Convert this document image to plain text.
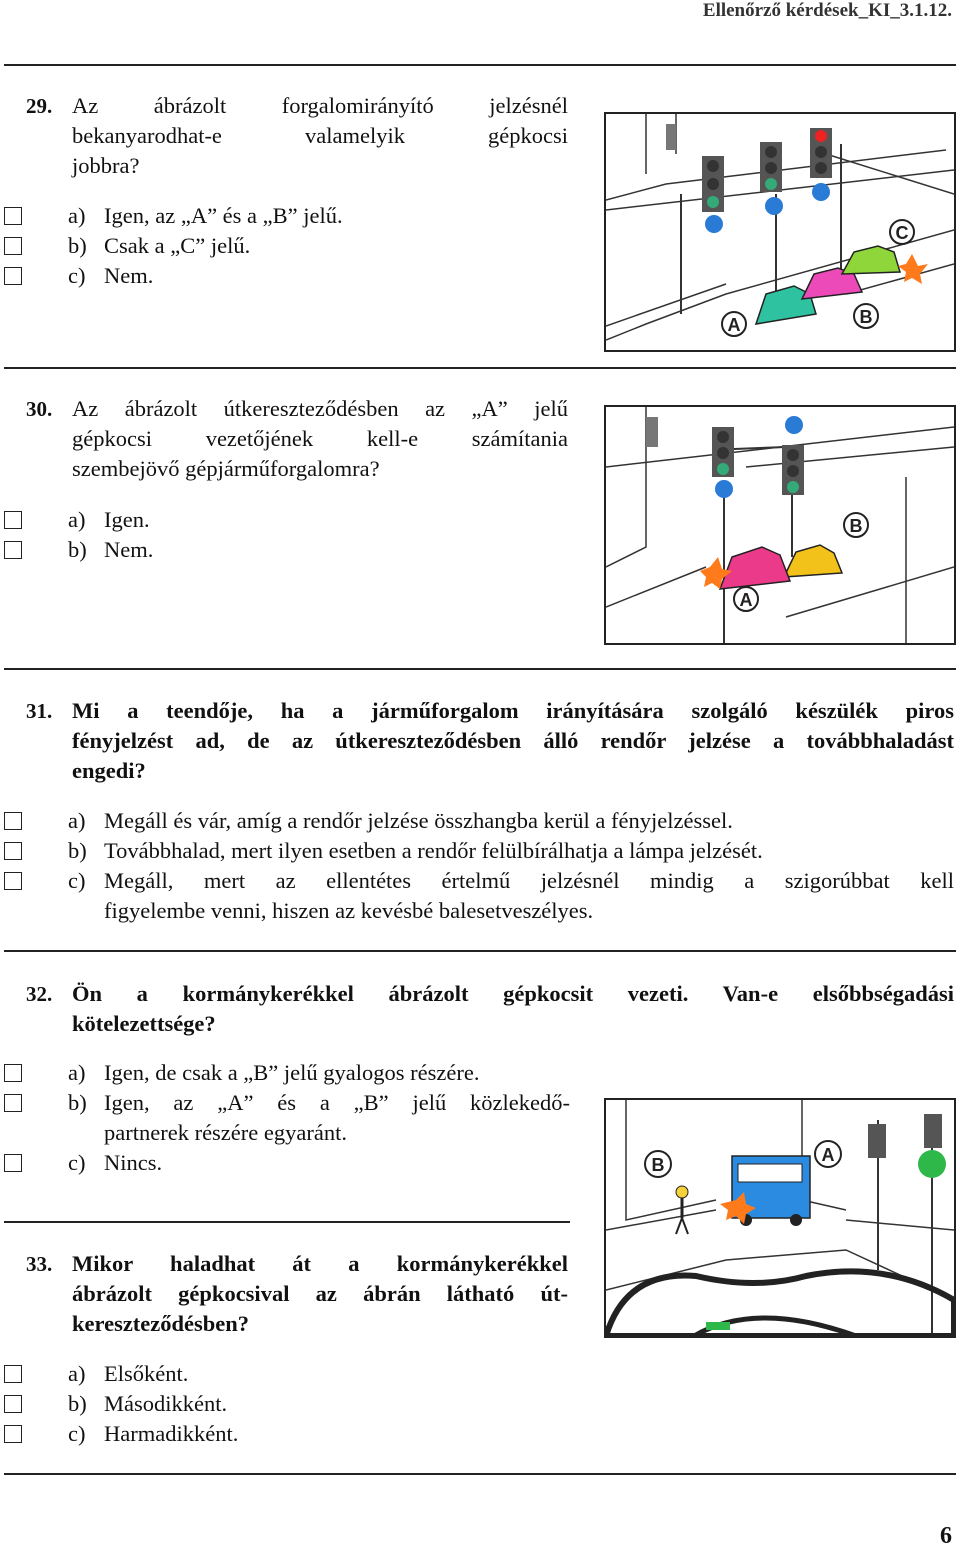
Ellenőrző kérdések_KI_3.1.12.
29. Az ábrázolt forgalomirányító jelzésnél
bekanyarodhat-e valamelyik gépkocsi
jobbra?
a) Igen, az „A” és a „B” jelű.
b) Csak a „C” jelű.
c) Nem.
A	B
C
30. Az ábrázolt útkereszteződésben az „A” jelű
gépkocsi vezetőjének kell-e számítania
szembejövő gépjárműforgalomra?
a) Igen.
b) Nem.
B
A
31. Mi a teendője, ha a járműforgalom irányítására szolgáló készülék piros
fényjelzést ad, de az útkereszteződésben álló rendőr jelzése a továbbhaladást
engedi?
a) Megáll és vár, amíg a rendőr jelzése összhangba kerül a fényjelzéssel.
b) Továbbhalad, mert ilyen esetben a rendőr felülbírálhatja a lámpa jelzését.
c) Megáll, mert az ellentétes értelmű jelzésnél mindig a szigorúbbat kell
figyelembe venni, hiszen az kevésbé balesetveszélyes.
32. Ön a kormánykerékkel ábrázolt gépkocsit vezeti. Van-e elsőbbségadási
kötelezettsége?
a) Igen, de csak a „B” jelű gyalogos részére.
b) Igen, az „A” és a „B” jelű közlekedő-
partnerek részére egyaránt.
c) Nincs.	B	A
33. Mikor haladhat át a kormánykerékkel
ábrázolt gépkocsival az ábrán látható út-
kereszteződésben?
a) Elsőként.
b) Másodikként.
c) Harmadikként.
6
